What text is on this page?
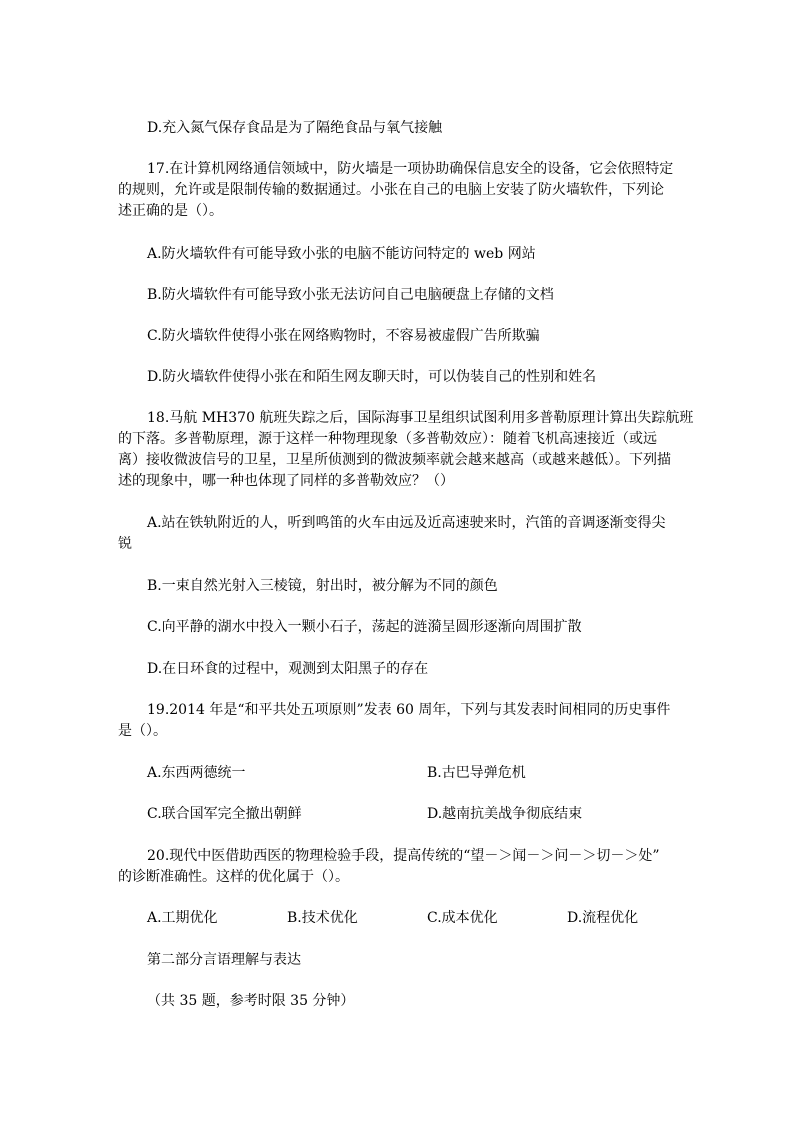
D.充入氮气保存食品是为了隔绝食品与氧气接触
17.在计算机网络通信领域中，防火墙是一项协助确保信息安全的设备，它会依照特定
的规则，允许或是限制传输的数据通过。小张在自己的电脑上安装了防火墙软件，下列论
述正确的是（）。
A.防火墙软件有可能导致小张的电脑不能访问特定的 web 网站
B.防火墙软件有可能导致小张无法访问自己电脑硬盘上存储的文档
C.防火墙软件使得小张在网络购物时，不容易被虚假广告所欺骗
D.防火墙软件使得小张在和陌生网友聊天时，可以伪装自己的性别和姓名
18.马航 MH370 航班失踪之后，国际海事卫星组织试图利用多普勒原理计算出失踪航班
的下落。多普勒原理，源于这样一种物理现象（多普勒效应）：随着飞机高速接近（或远
离）接收微波信号的卫星，卫星所侦测到的微波频率就会越来越高（或越来越低）。下列描
述的现象中，哪一种也体现了同样的多普勒效应？（）
A.站在铁轨附近的人，听到鸣笛的火车由远及近高速驶来时，汽笛的音调逐渐变得尖
锐
B.一束自然光射入三棱镜，射出时，被分解为不同的颜色
C.向平静的湖水中投入一颗小石子，荡起的涟漪呈圆形逐渐向周围扩散
D.在日环食的过程中，观测到太阳黑子的存在
19.2014 年是“和平共处五项原则”发表 60 周年，下列与其发表时间相同的历史事件
是（）。
A.东西两德统一	B.古巴导弹危机
C.联合国军完全撤出朝鲜	D.越南抗美战争彻底结束
20.现代中医借助西医的物理检验手段，提高传统的“望－＞闻－＞问－＞切－＞处”
的诊断准确性。这样的优化属于（）。
A.工期优化	B.技术优化	C.成本优化	D.流程优化
第二部分言语理解与表达
（共 35 题，参考时限 35 分钟）
